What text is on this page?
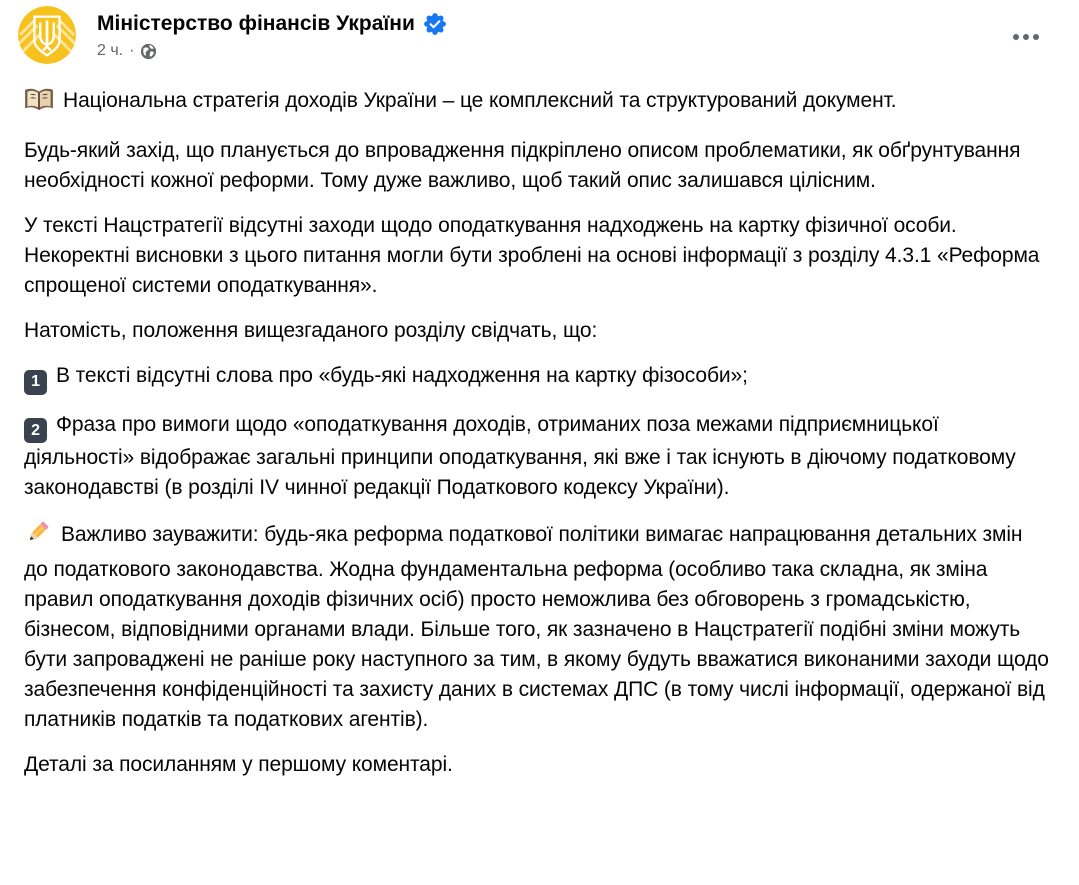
Міністерство фінансів України
2 ч. ·

Національна стратегія доходів України – це комплексний та структурований документ.

Будь-який захід, що планується до впровадження підкріплено описом проблематики, як обґрунтування необхідності кожної реформи. Тому дуже важливо, щоб такий опис залишався цілісним.

У тексті Нацстратегії відсутні заходи щодо оподаткування надходжень на картку фізичної особи. Некоректні висновки з цього питання могли бути зроблені на основі інформації з розділу 4.3.1 «Реформа спрощеної системи оподаткування».

Натомість, положення вищезгаданого розділу свідчать, що:

1 В тексті відсутні слова про «будь-які надходження на картку фізособи»;

2 Фраза про вимоги щодо «оподаткування доходів, отриманих поза межами підприємницької діяльності» відображає загальні принципи оподаткування, які вже і так існують в діючому податковому законодавстві (в розділі IV чинної редакції Податкового кодексу України).

Важливо зауважити: будь-яка реформа податкової політики вимагає напрацювання детальних змін до податкового законодавства. Жодна фундаментальна реформа (особливо така складна, як зміна правил оподаткування доходів фізичних осіб) просто неможлива без обговорень з громадськістю, бізнесом, відповідними органами влади. Більше того, як зазначено в Нацстратегії подібні зміни можуть бути запроваджені не раніше року наступного за тим, в якому будуть вважатися виконаними заходи щодо забезпечення конфіденційності та захисту даних в системах ДПС (в тому числі інформації, одержаної від платників податків та податкових агентів).

Деталі за посиланням у першому коментарі.
